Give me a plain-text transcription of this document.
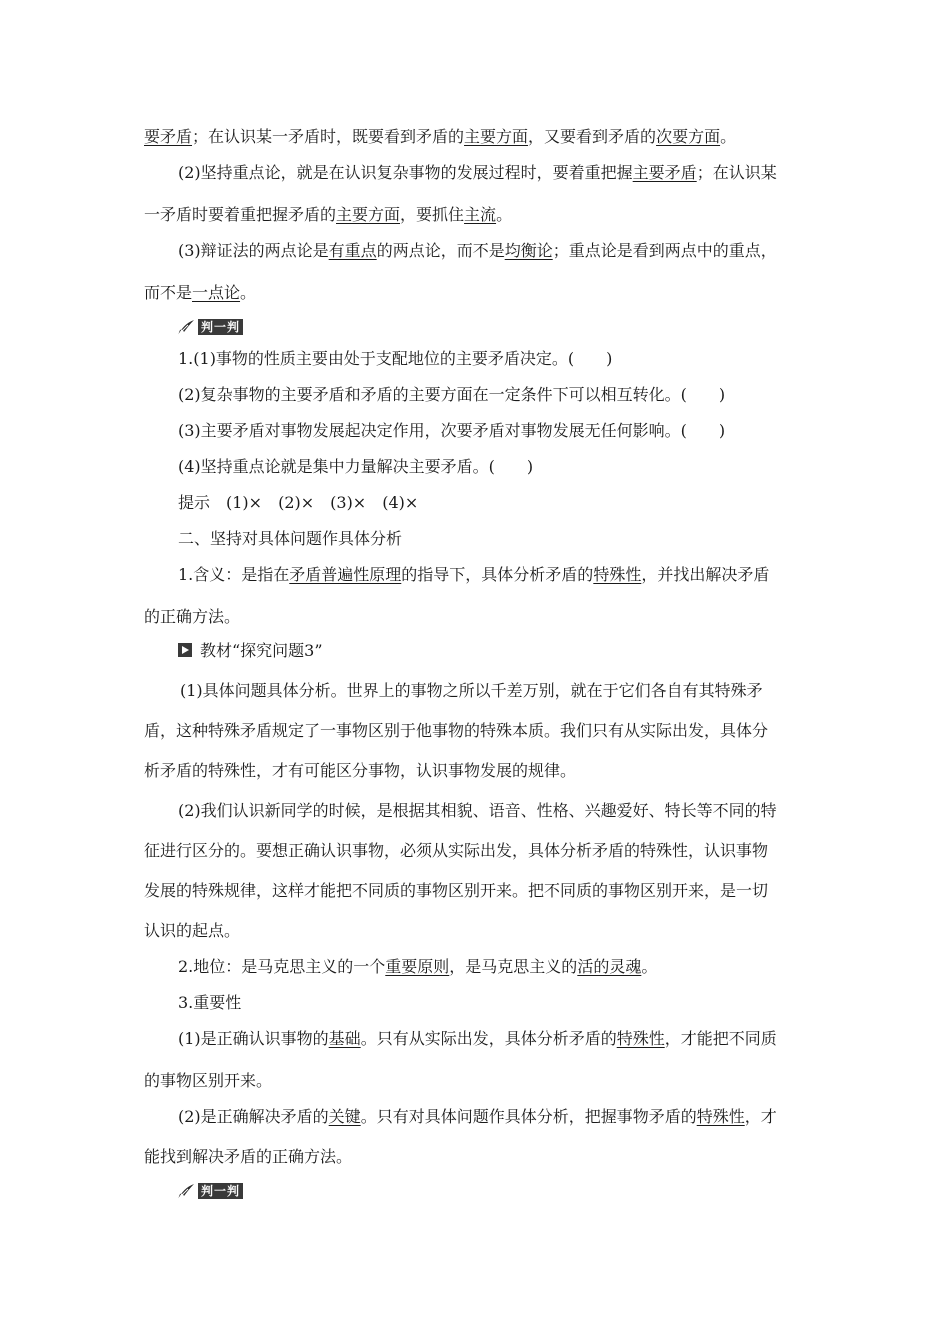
要矛盾；在认识某一矛盾时，既要看到矛盾的主要方面，又要看到矛盾的次要方面。
(2)坚持重点论，就是在认识复杂事物的发展过程时，要着重把握主要矛盾；在认识某
一矛盾时要着重把握矛盾的主要方面，要抓住主流。
(3)辩证法的两点论是有重点的两点论，而不是均衡论；重点论是看到两点中的重点，
而不是一点论。
判一判
1.(1)事物的性质主要由处于支配地位的主要矛盾决定。(　　)
(2)复杂事物的主要矛盾和矛盾的主要方面在一定条件下可以相互转化。(　　)
(3)主要矛盾对事物发展起决定作用，次要矛盾对事物发展无任何影响。(　　)
(4)坚持重点论就是集中力量解决主要矛盾。(　　)
提示　(1)×　(2)×　(3)×　(4)×
二、坚持对具体问题作具体分析
1.含义：是指在矛盾普遍性原理的指导下，具体分析矛盾的特殊性，并找出解决矛盾
的正确方法。
教材“探究问题3”
(1)具体问题具体分析。世界上的事物之所以千差万别，就在于它们各自有其特殊矛
盾，这种特殊矛盾规定了一事物区别于他事物的特殊本质。我们只有从实际出发，具体分
析矛盾的特殊性，才有可能区分事物，认识事物发展的规律。
(2)我们认识新同学的时候，是根据其相貌、语音、性格、兴趣爱好、特长等不同的特
征进行区分的。要想正确认识事物，必须从实际出发，具体分析矛盾的特殊性，认识事物
发展的特殊规律，这样才能把不同质的事物区别开来。把不同质的事物区别开来，是一切
认识的起点。
2.地位：是马克思主义的一个重要原则，是马克思主义的活的灵魂。
3.重要性
(1)是正确认识事物的基础。只有从实际出发，具体分析矛盾的特殊性，才能把不同质
的事物区别开来。
(2)是正确解决矛盾的关键。只有对具体问题作具体分析，把握事物矛盾的特殊性，才
能找到解决矛盾的正确方法。
判一判
